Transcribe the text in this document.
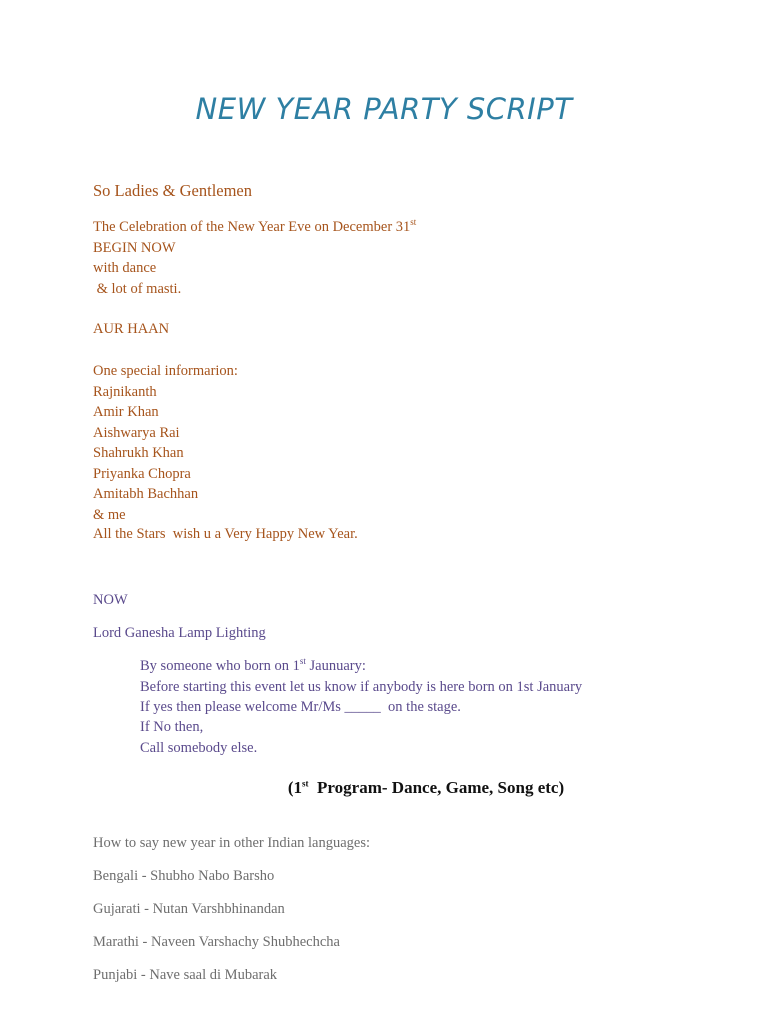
NEW YEAR PARTY SCRIPT
So Ladies & Gentlemen
The Celebration of the New Year Eve on December 31st
BEGIN NOW
with dance
& lot of masti.
AUR HAAN
One special informarion:
Rajnikanth
Amir Khan
Aishwarya Rai
Shahrukh Khan
Priyanka Chopra
Amitabh Bachhan
& me
All the Stars  wish u a Very Happy New Year.
NOW
Lord Ganesha Lamp Lighting
By someone who born on 1st Jaunuary:
Before starting this event let us know if anybody is here born on 1st January
If yes then please welcome Mr/Ms _____  on the stage.
If No then,
Call somebody else.
(1st  Program- Dance, Game, Song etc)
How to say new year in other Indian languages:
Bengali - Shubho Nabo Barsho
Gujarati - Nutan Varshbhinandan
Marathi - Naveen Varshachy Shubhechcha
Punjabi - Nave saal di Mubarak
